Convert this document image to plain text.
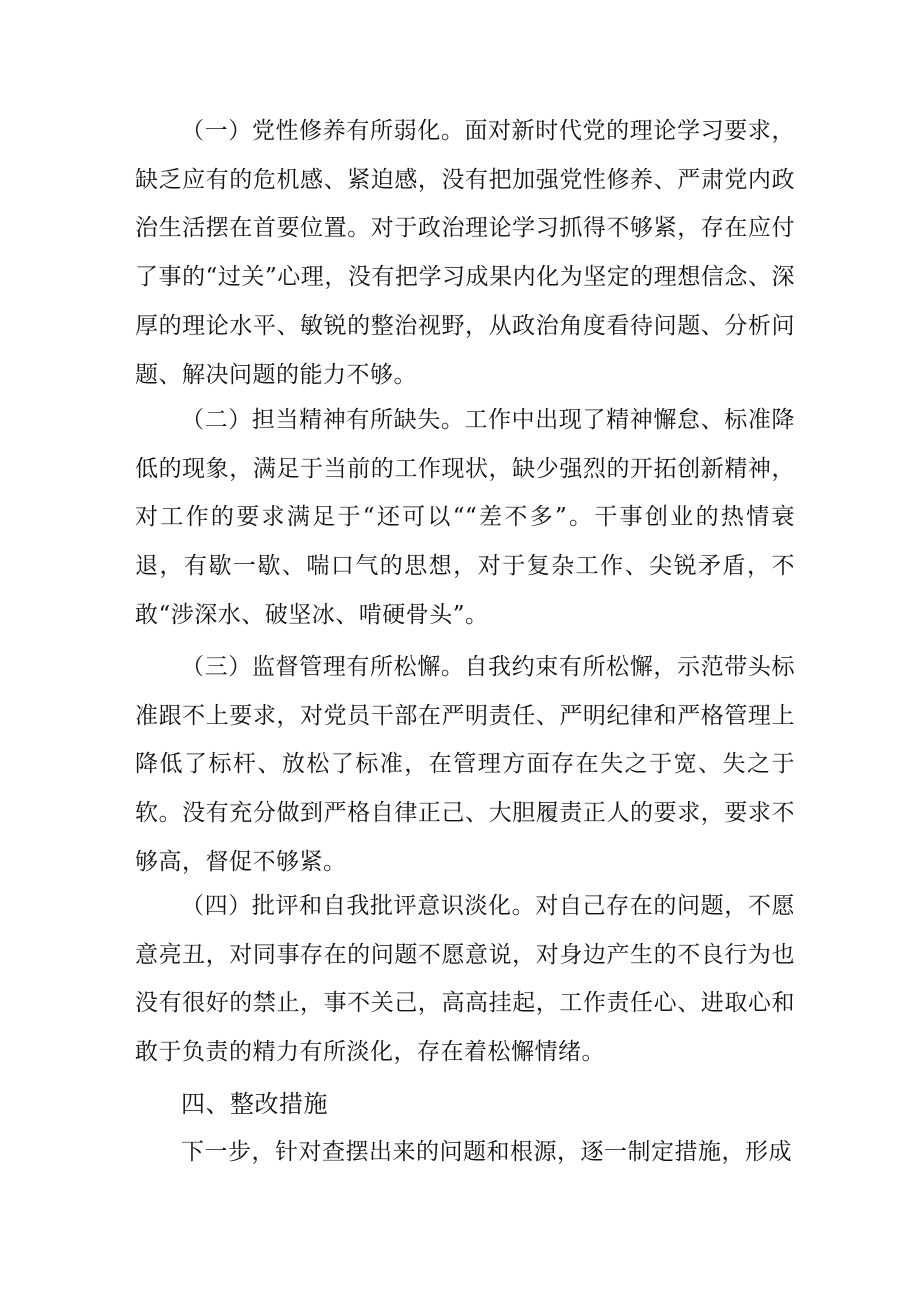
（一）党性修养有所弱化。面对新时代党的理论学习要求，缺乏应有的危机感、紧迫感，没有把加强党性修养、严肃党内政治生活摆在首要位置。对于政治理论学习抓得不够紧，存在应付了事的“过关”心理，没有把学习成果内化为坚定的理想信念、深厚的理论水平、敏锐的整治视野，从政治角度看待问题、分析问题、解决问题的能力不够。

（二）担当精神有所缺失。工作中出现了精神懈怠、标准降低的现象，满足于当前的工作现状，缺少强烈的开拓创新精神，对工作的要求满足于“还可以““差不多”。干事创业的热情衰退，有歇一歇、喘口气的思想，对于复杂工作、尖锐矛盾，不敢“涉深水、破坚冰、啃硬骨头”。

（三）监督管理有所松懈。自我约束有所松懈，示范带头标准跟不上要求，对党员干部在严明责任、严明纪律和严格管理上降低了标杆、放松了标准，在管理方面存在失之于宽、失之于软。没有充分做到严格自律正己、大胆履责正人的要求，要求不够高，督促不够紧。

（四）批评和自我批评意识淡化。对自己存在的问题，不愿意亮丑，对同事存在的问题不愿意说，对身边产生的不良行为也没有很好的禁止，事不关己，高高挂起，工作责任心、进取心和敢于负责的精力有所淡化，存在着松懈情绪。

四、整改措施

下一步，针对查摆出来的问题和根源，逐一制定措施，形成
